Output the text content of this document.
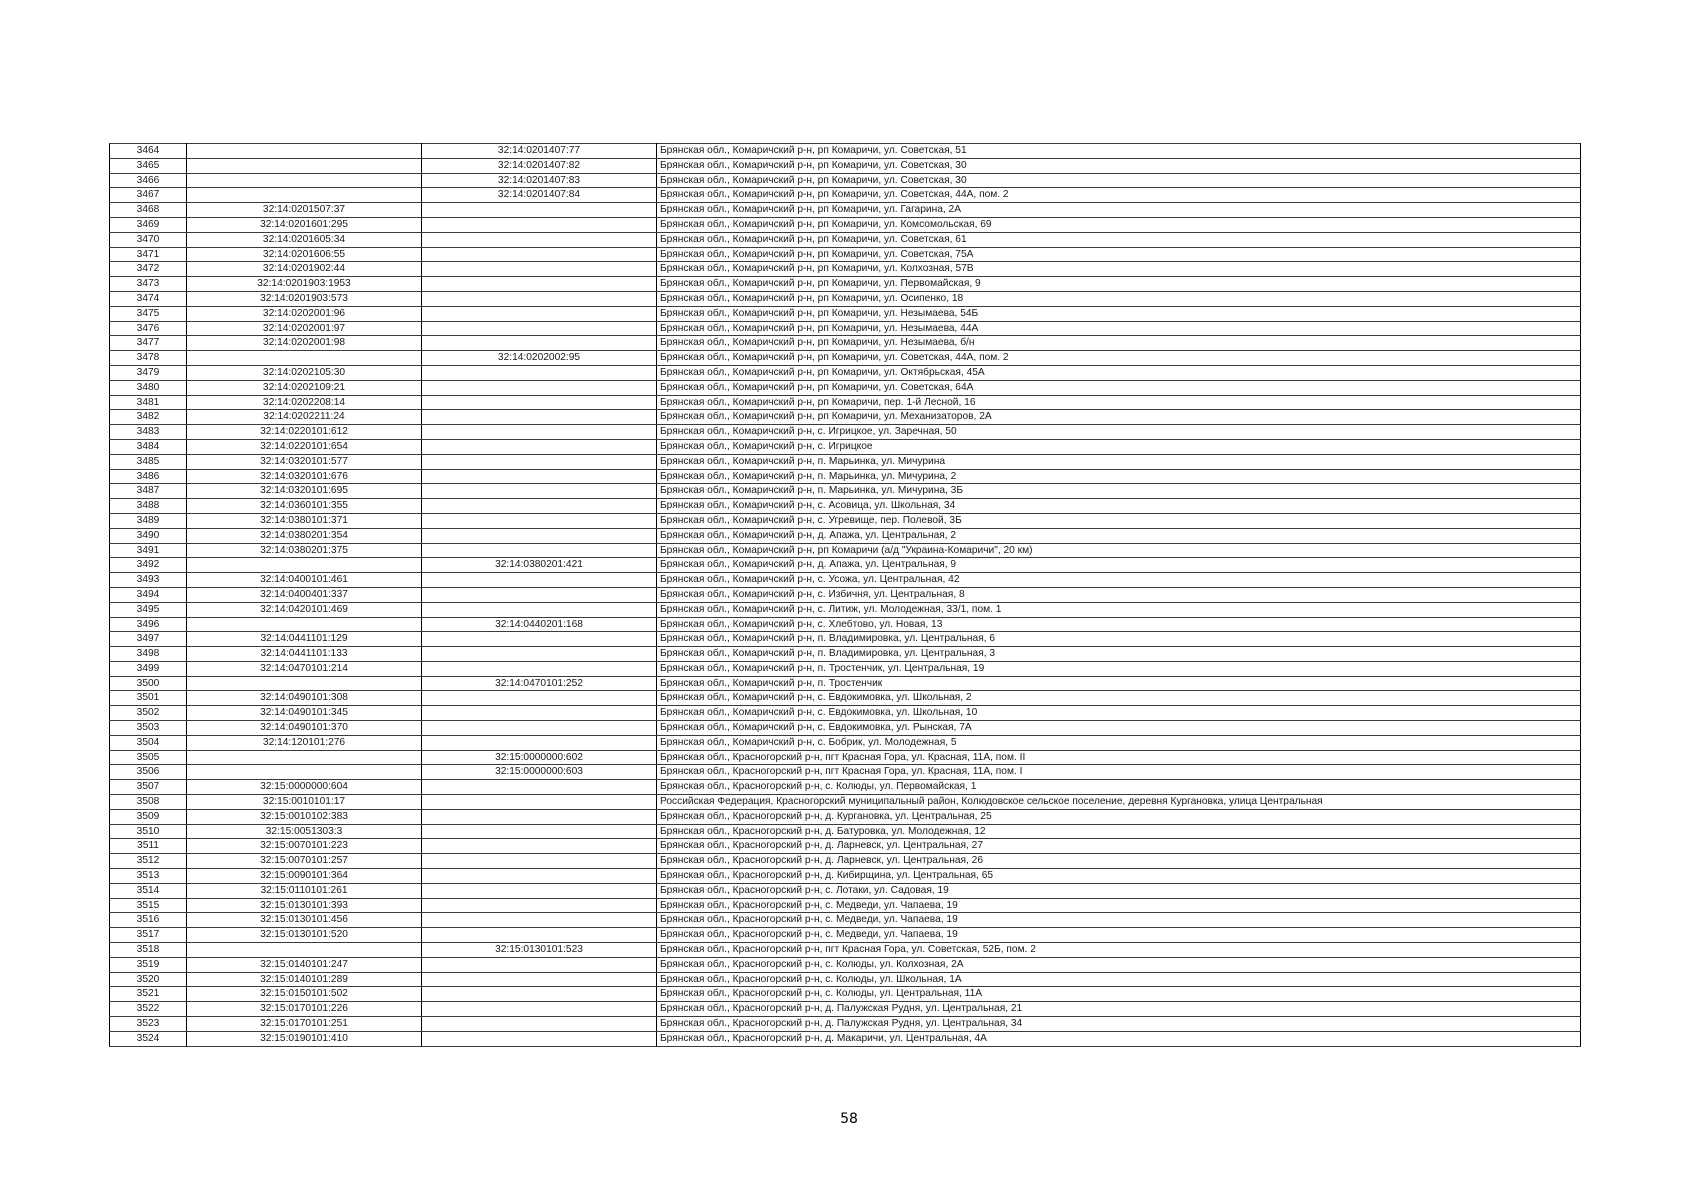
3464		32:14:0201407:77	Брянская обл., Комаричский р-н, рп Комаричи, ул. Советская, 51
3465		32:14:0201407:82	Брянская обл., Комаричский р-н, рп Комаричи, ул. Советская, 30
3466		32:14:0201407:83	Брянская обл., Комаричский р-н, рп Комаричи, ул. Советская, 30
3467		32:14:0201407:84	Брянская обл., Комаричский р-н, рп Комаричи, ул. Советская, 44А, пом. 2
3468	32:14:0201507:37		Брянская обл., Комаричский р-н, рп Комаричи, ул. Гагарина, 2А
3469	32:14:0201601:295		Брянская обл., Комаричский р-н, рп Комаричи, ул. Комсомольская, 69
3470	32:14:0201605:34		Брянская обл., Комаричский р-н, рп Комаричи, ул. Советская, 61
3471	32:14:0201606:55		Брянская обл., Комаричский р-н, рп Комаричи, ул. Советская, 75А
3472	32:14:0201902:44		Брянская обл., Комаричский р-н, рп Комаричи, ул. Колхозная, 57В
3473	32:14:0201903:1953		Брянская обл., Комаричский р-н, рп Комаричи, ул. Первомайская, 9
3474	32:14:0201903:573		Брянская обл., Комаричский р-н, рп Комаричи, ул. Осипенко, 18
3475	32:14:0202001:96		Брянская обл., Комаричский р-н, рп Комаричи, ул. Незымаева, 54Б
3476	32:14:0202001:97		Брянская обл., Комаричский р-н, рп Комаричи, ул. Незымаева, 44А
3477	32:14:0202001:98		Брянская обл., Комаричский р-н, рп Комаричи, ул. Незымаева, б/н
3478		32:14:0202002:95	Брянская обл., Комаричский р-н, рп Комаричи, ул. Советская, 44А, пом. 2
3479	32:14:0202105:30		Брянская обл., Комаричский р-н, рп Комаричи, ул. Октябрьская, 45А
3480	32:14:0202109:21		Брянская обл., Комаричский р-н, рп Комаричи, ул. Советская, 64А
3481	32:14:0202208:14		Брянская обл., Комаричский р-н, рп Комаричи, пер. 1-й Лесной, 16
3482	32:14:0202211:24		Брянская обл., Комаричский р-н, рп Комаричи, ул. Механизаторов, 2А
3483	32:14:0220101:612		Брянская обл., Комаричский р-н, с. Игрицкое, ул. Заречная, 50
3484	32:14:0220101:654		Брянская обл., Комаричский р-н, с. Игрицкое
3485	32:14:0320101:577		Брянская обл., Комаричский р-н, п. Марьинка, ул. Мичурина
3486	32:14:0320101:676		Брянская обл., Комаричский р-н, п. Марьинка, ул. Мичурина, 2
3487	32:14:0320101:695		Брянская обл., Комаричский р-н, п. Марьинка, ул. Мичурина, 3Б
3488	32:14:0360101:355		Брянская обл., Комаричский р-н, с. Асовица, ул. Школьная, 34
3489	32:14:0380101:371		Брянская обл., Комаричский р-н, с. Угревище, пер. Полевой, 3Б
3490	32:14:0380201:354		Брянская обл., Комаричский р-н, д. Апажа, ул. Центральная, 2
3491	32:14:0380201:375		Брянская обл., Комаричский р-н, рп Комаричи (а/д "Украина-Комаричи", 20 км)
3492		32:14:0380201:421	Брянская обл., Комаричский р-н, д. Апажа, ул. Центральная, 9
3493	32:14:0400101:461		Брянская обл., Комаричский р-н, с. Усожа, ул. Центральная, 42
3494	32:14:0400401:337		Брянская обл., Комаричский р-н, с. Избичня, ул. Центральная, 8
3495	32:14:0420101:469		Брянская обл., Комаричский р-н, с. Литиж, ул. Молодежная, 33/1, пом. 1
3496		32:14:0440201:168	Брянская обл., Комаричский р-н, с. Хлебтово, ул. Новая, 13
3497	32:14:0441101:129		Брянская обл., Комаричский р-н, п. Владимировка, ул. Центральная, 6
3498	32:14:0441101:133		Брянская обл., Комаричский р-н, п. Владимировка, ул. Центральная, 3
3499	32:14:0470101:214		Брянская обл., Комаричский р-н, п. Тростенчик, ул. Центральная, 19
3500		32:14:0470101:252	Брянская обл., Комаричский р-н, п. Тростенчик
3501	32:14:0490101:308		Брянская обл., Комаричский р-н, с. Евдокимовка, ул. Школьная, 2
3502	32:14:0490101:345		Брянская обл., Комаричский р-н, с. Евдокимовка, ул. Школьная, 10
3503	32:14:0490101:370		Брянская обл., Комаричский р-н, с. Евдокимовка, ул. Рынская, 7А
3504	32:14:120101:276		Брянская обл., Комаричский р-н, с. Бобрик, ул. Молодежная, 5
3505		32:15:0000000:602	Брянская обл., Красногорский р-н, пгт Красная Гора, ул. Красная, 11А, пом. II
3506		32:15:0000000:603	Брянская обл., Красногорский р-н, пгт Красная Гора, ул. Красная, 11А, пом. I
3507	32:15:0000000:604		Брянская обл., Красногорский р-н, с. Колюды, ул. Первомайская, 1
3508	32:15:0010101:17		Российская Федерация, Красногорский муниципальный район, Колюдовское сельское поселение, деревня Кургановка, улица Центральная
3509	32:15:0010102:383		Брянская обл., Красногорский р-н, д. Кургановка, ул. Центральная, 25
3510	32:15:0051303:3		Брянская обл., Красногорский р-н, д. Батуровка, ул. Молодежная, 12
3511	32:15:0070101:223		Брянская обл., Красногорский р-н, д. Ларневск, ул. Центральная, 27
3512	32:15:0070101:257		Брянская обл., Красногорский р-н, д. Ларневск, ул. Центральная, 26
3513	32:15:0090101:364		Брянская обл., Красногорский р-н, д. Кибирщина, ул. Центральная, 65
3514	32:15:0110101:261		Брянская обл., Красногорский р-н, с. Лотаки, ул. Садовая, 19
3515	32:15:0130101:393		Брянская обл., Красногорский р-н, с. Медведи, ул. Чапаева, 19
3516	32:15:0130101:456		Брянская обл., Красногорский р-н, с. Медведи, ул. Чапаева, 19
3517	32:15:0130101:520		Брянская обл., Красногорский р-н, с. Медведи, ул. Чапаева, 19
3518		32:15:0130101:523	Брянская обл., Красногорский р-н, пгт Красная Гора, ул. Советская, 52Б, пом. 2
3519	32:15:0140101:247		Брянская обл., Красногорский р-н, с. Колюды, ул. Колхозная, 2А
3520	32:15:0140101:289		Брянская обл., Красногорский р-н, с. Колюды, ул. Школьная, 1А
3521	32:15:0150101:502		Брянская обл., Красногорский р-н, с. Колюды, ул. Центральная, 11А
3522	32:15:0170101:226		Брянская обл., Красногорский р-н, д. Палужская Рудня, ул. Центральная, 21
3523	32:15:0170101:251		Брянская обл., Красногорский р-н, д. Палужская Рудня, ул. Центральная, 34
3524	32:15:0190101:410		Брянская обл., Красногорский р-н, д. Макаричи, ул. Центральная, 4А
58
